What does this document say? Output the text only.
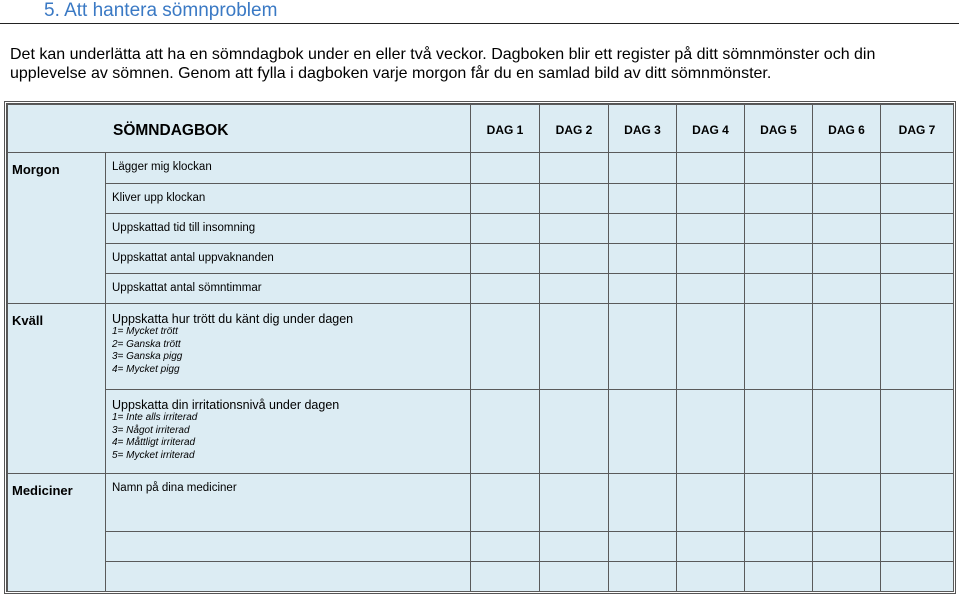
5. Att hantera sömnproblem

Det kan underlätta att ha en sömndagbok under en eller två veckor. Dagboken blir ett register på ditt sömnmönster och din

upplevelse av sömnen. Genom att fylla i dagboken varje morgon får du en samlad bild av ditt sömnmönster.

SÖMNDAGBOK		DAG 1	DAG 2	DAG 3	DAG 4	DAG 5	DAG 6	DAG 7
Morgon	Lägger mig klockan							
	Kliver upp klockan							
	Uppskattad tid till insomning							
	Uppskattat antal uppvaknanden							
	Uppskattat antal sömntimmar							
Kväll	Uppskatta hur trött du känt dig under dagen
1= Mycket trött
2= Ganska trött
3= Ganska pigg
4= Mycket pigg							

	Uppskatta din irritationsnivå under dagen
1= Inte alls irriterad
3= Något irriterad
4= Måttligt irriterad
5= Mycket irriterad							

Mediciner	Namn på dina mediciner							
